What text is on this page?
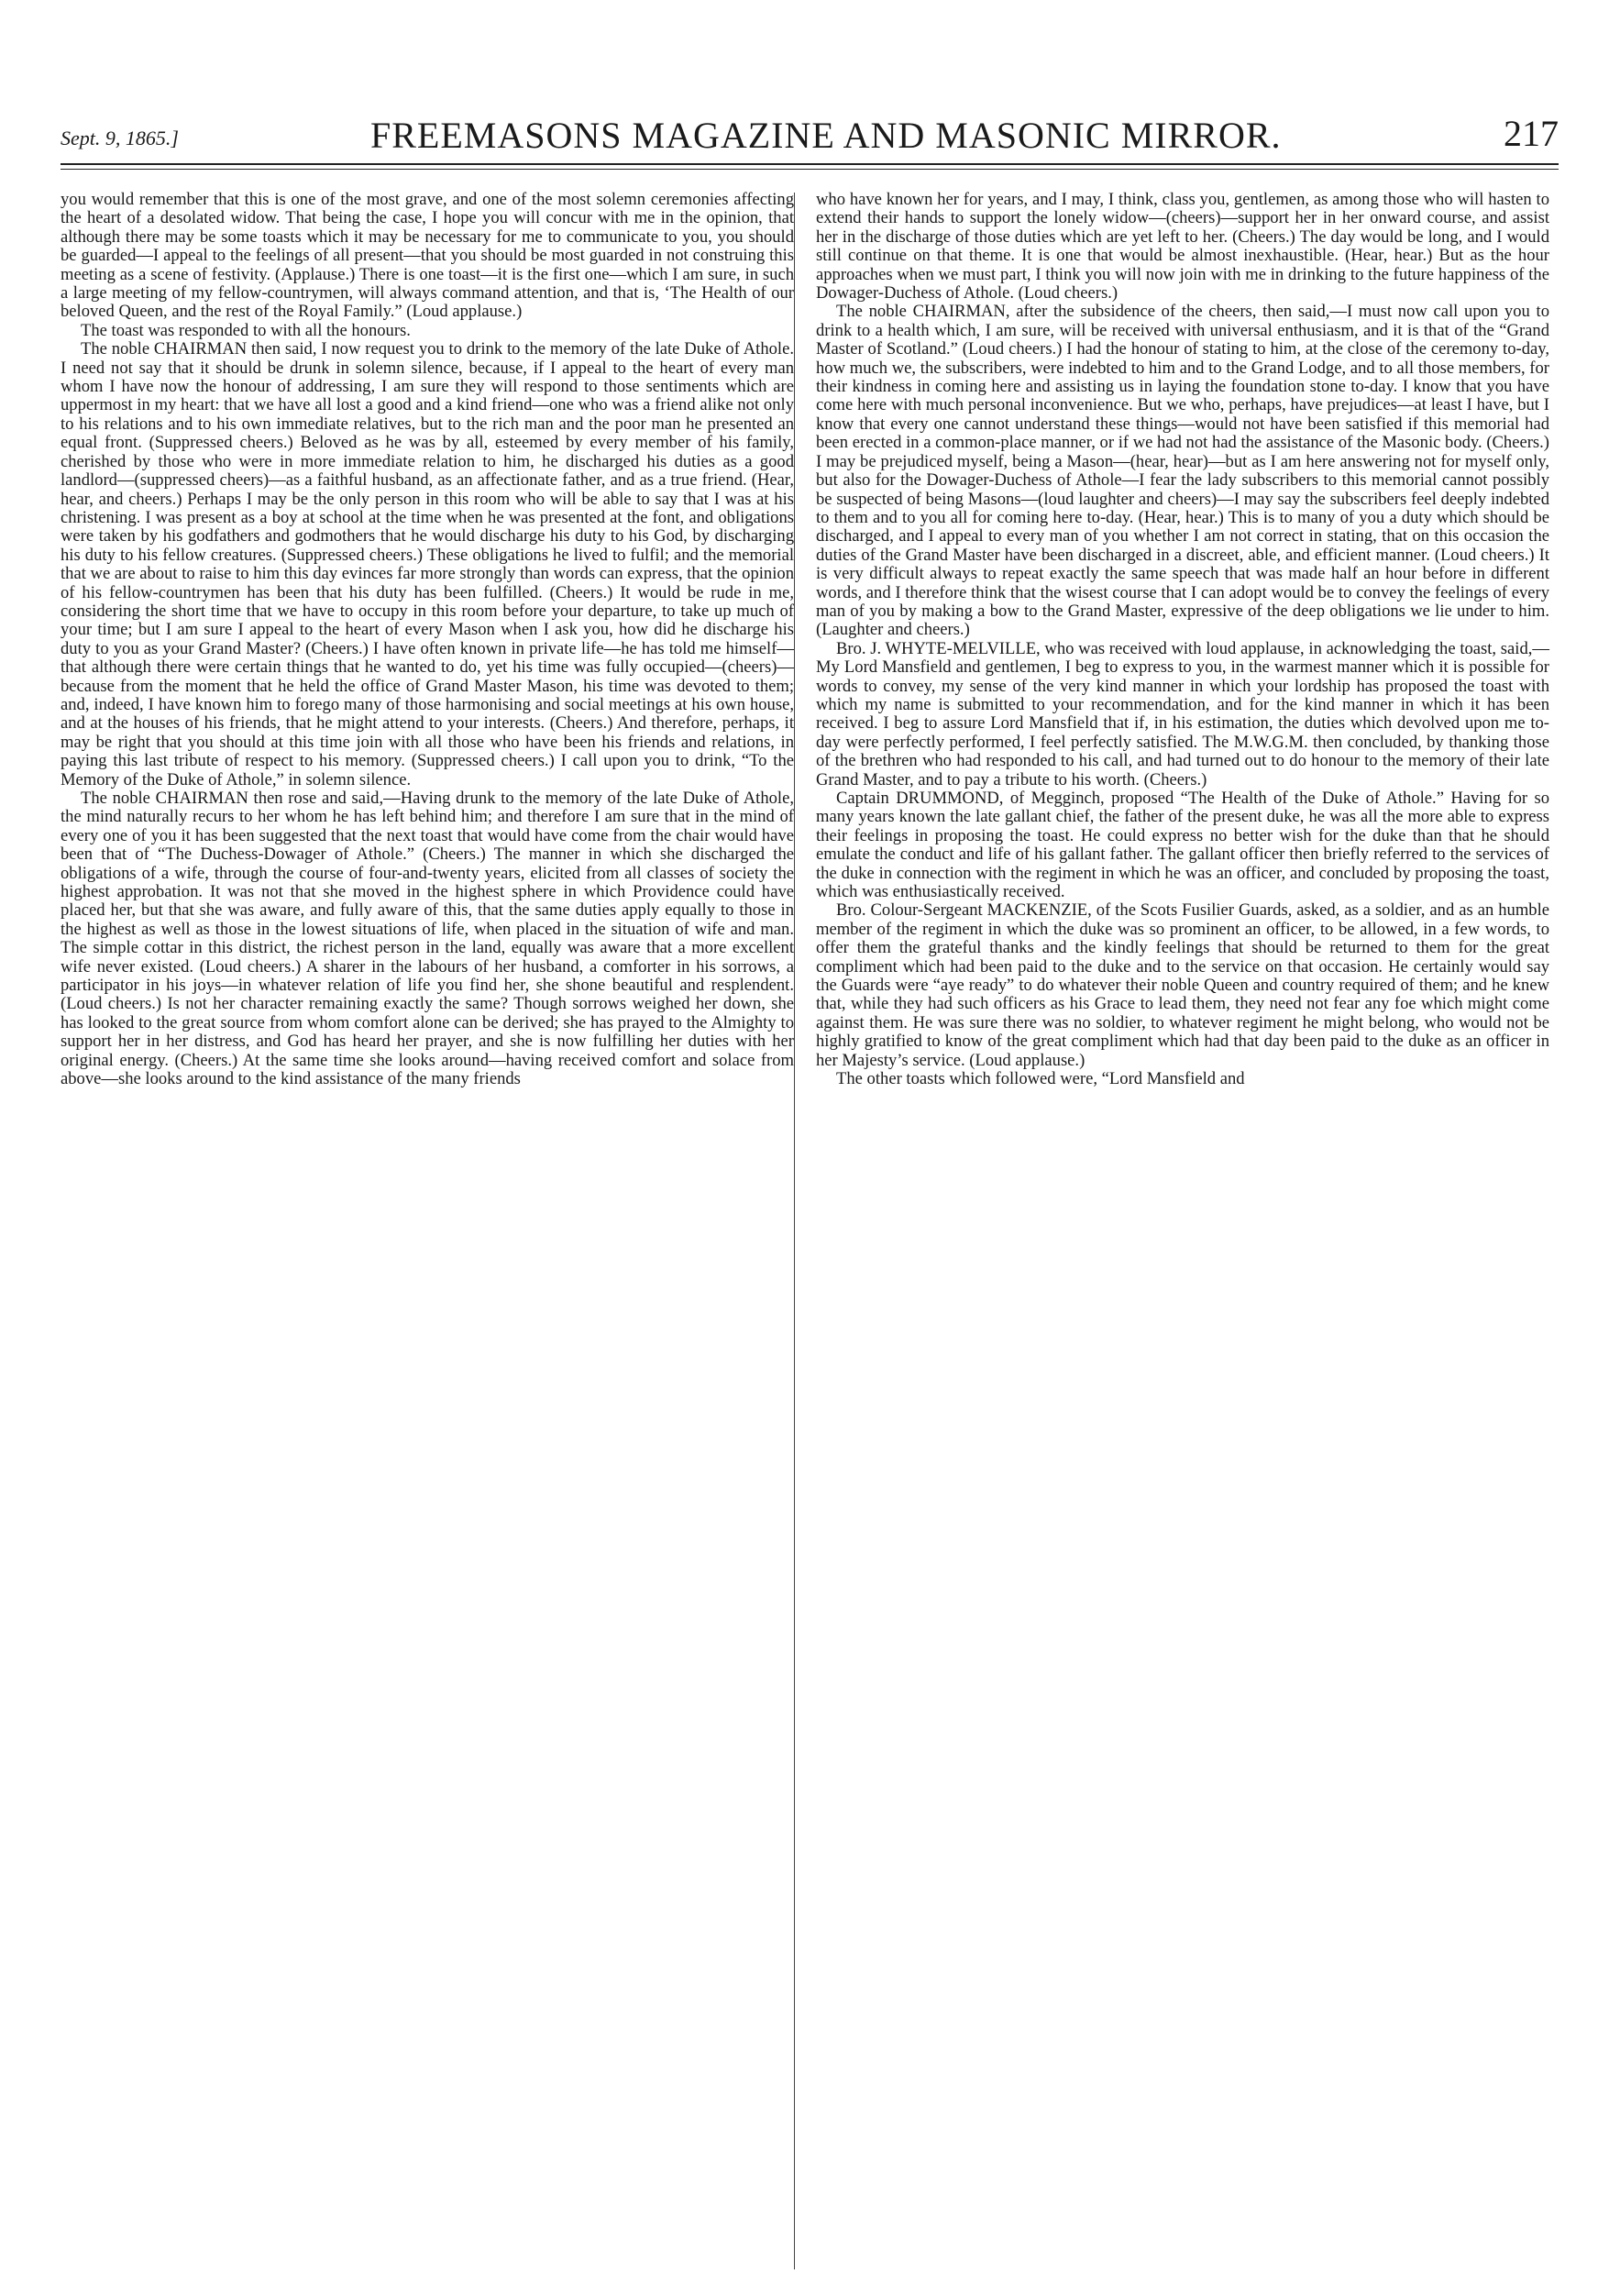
Sept. 9, 1865.]	FREEMASONS MAGAZINE AND MASONIC MIRROR.	217

you would remember that this is one of the most grave, and one of the most solemn ceremonies affecting the heart of a desolated widow. That being the case, I hope you will concur with me in the opinion, that although there may be some toasts which it may be necessary for me to communicate to you, you should be guarded—I appeal to the feelings of all present—that you should be most guarded in not construing this meeting as a scene of festivity. (Applause.) There is one toast—it is the first one—which I am sure, in such a large meeting of my fellow-countrymen, will always command attention, and that is, ‘The Health of our beloved Queen, and the rest of the Royal Family.” (Loud applause.)

The toast was responded to with all the honours.

The noble CHAIRMAN then said, I now request you to drink to the memory of the late Duke of Athole. I need not say that it should be drunk in solemn silence, because, if I appeal to the heart of every man whom I have now the honour of addressing, I am sure they will respond to those sentiments which are uppermost in my heart: that we have all lost a good and a kind friend—one who was a friend alike not only to his relations and to his own immediate relatives, but to the rich man and the poor man he presented an equal front. (Suppressed cheers.) Beloved as he was by all, esteemed by every member of his family, cherished by those who were in more immediate relation to him, he discharged his duties as a good landlord—(suppressed cheers)—as a faithful husband, as an affectionate father, and as a true friend. (Hear, hear, and cheers.) Perhaps I may be the only person in this room who will be able to say that I was at his christening. I was present as a boy at school at the time when he was presented at the font, and obligations were taken by his godfathers and godmothers that he would discharge his duty to his God, by discharging his duty to his fellow creatures. (Suppressed cheers.) These obligations he lived to fulfil; and the memorial that we are about to raise to him this day evinces far more strongly than words can express, that the opinion of his fellow-countrymen has been that his duty has been fulfilled. (Cheers.) It would be rude in me, considering the short time that we have to occupy in this room before your departure, to take up much of your time; but I am sure I appeal to the heart of every Mason when I ask you, how did he discharge his duty to you as your Grand Master? (Cheers.) I have often known in private life—he has told me himself—that although there were certain things that he wanted to do, yet his time was fully occupied—(cheers)—because from the moment that he held the office of Grand Master Mason, his time was devoted to them; and, indeed, I have known him to forego many of those harmonising and social meetings at his own house, and at the houses of his friends, that he might attend to your interests. (Cheers.) And therefore, perhaps, it may be right that you should at this time join with all those who have been his friends and relations, in paying this last tribute of respect to his memory. (Suppressed cheers.) I call upon you to drink, “To the Memory of the Duke of Athole,” in solemn silence.

The noble CHAIRMAN then rose and said,—Having drunk to the memory of the late Duke of Athole, the mind naturally recurs to her whom he has left behind him; and therefore I am sure that in the mind of every one of you it has been suggested that the next toast that would have come from the chair would have been that of “The Duchess-Dowager of Athole.” (Cheers.) The manner in which she discharged the obligations of a wife, through the course of four-and-twenty years, elicited from all classes of society the highest approbation. It was not that she moved in the highest sphere in which Providence could have placed her, but that she was aware, and fully aware of this, that the same duties apply equally to those in the highest as well as those in the lowest situations of life, when placed in the situation of wife and man. The simple cottar in this district, the richest person in the land, equally was aware that a more excellent wife never existed. (Loud cheers.) A sharer in the labours of her husband, a comforter in his sorrows, a participator in his joys—in whatever relation of life you find her, she shone beautiful and resplendent. (Loud cheers.) Is not her character remaining exactly the same? Though sorrows weighed her down, she has looked to the great source from whom comfort alone can be derived; she has prayed to the Almighty to support her in her distress, and God has heard her prayer, and she is now fulfilling her duties with her original energy. (Cheers.) At the same time she looks around—having received comfort and solace from above—she looks around to the kind assistance of the many friends

who have known her for years, and I may, I think, class you, gentlemen, as among those who will hasten to extend their hands to support the lonely widow—(cheers)—support her in her onward course, and assist her in the discharge of those duties which are yet left to her. (Cheers.) The day would be long, and I would still continue on that theme. It is one that would be almost inexhaustible. (Hear, hear.) But as the hour approaches when we must part, I think you will now join with me in drinking to the future happiness of the Dowager-Duchess of Athole. (Loud cheers.)

The noble CHAIRMAN, after the subsidence of the cheers, then said,—I must now call upon you to drink to a health which, I am sure, will be received with universal enthusiasm, and it is that of the “Grand Master of Scotland.” (Loud cheers.) I had the honour of stating to him, at the close of the ceremony to-day, how much we, the subscribers, were indebted to him and to the Grand Lodge, and to all those members, for their kindness in coming here and assisting us in laying the foundation stone to-day. I know that you have come here with much personal inconvenience. But we who, perhaps, have prejudices—at least I have, but I know that every one cannot understand these things—would not have been satisfied if this memorial had been erected in a common-place manner, or if we had not had the assistance of the Masonic body. (Cheers.) I may be prejudiced myself, being a Mason—(hear, hear)—but as I am here answering not for myself only, but also for the Dowager-Duchess of Athole—I fear the lady subscribers to this memorial cannot possibly be suspected of being Masons—(loud laughter and cheers)—I may say the subscribers feel deeply indebted to them and to you all for coming here to-day. (Hear, hear.) This is to many of you a duty which should be discharged, and I appeal to every man of you whether I am not correct in stating, that on this occasion the duties of the Grand Master have been discharged in a discreet, able, and efficient manner. (Loud cheers.) It is very difficult always to repeat exactly the same speech that was made half an hour before in different words, and I therefore think that the wisest course that I can adopt would be to convey the feelings of every man of you by making a bow to the Grand Master, expressive of the deep obligations we lie under to him. (Laughter and cheers.)

Bro. J. WHYTE-MELVILLE, who was received with loud applause, in acknowledging the toast, said,—My Lord Mansfield and gentlemen, I beg to express to you, in the warmest manner which it is possible for words to convey, my sense of the very kind manner in which your lordship has proposed the toast with which my name is submitted to your recommendation, and for the kind manner in which it has been received. I beg to assure Lord Mansfield that if, in his estimation, the duties which devolved upon me to-day were perfectly performed, I feel perfectly satisfied. The M.W.G.M. then concluded, by thanking those of the brethren who had responded to his call, and had turned out to do honour to the memory of their late Grand Master, and to pay a tribute to his worth. (Cheers.)

Captain DRUMMOND, of Megginch, proposed “The Health of the Duke of Athole.” Having for so many years known the late gallant chief, the father of the present duke, he was all the more able to express their feelings in proposing the toast. He could express no better wish for the duke than that he should emulate the conduct and life of his gallant father. The gallant officer then briefly referred to the services of the duke in connection with the regiment in which he was an officer, and concluded by proposing the toast, which was enthusiastically received.

Bro. Colour-Sergeant MACKENZIE, of the Scots Fusilier Guards, asked, as a soldier, and as an humble member of the regiment in which the duke was so prominent an officer, to be allowed, in a few words, to offer them the grateful thanks and the kindly feelings that should be returned to them for the great compliment which had been paid to the duke and to the service on that occasion. He certainly would say the Guards were “aye ready” to do whatever their noble Queen and country required of them; and he knew that, while they had such officers as his Grace to lead them, they need not fear any foe which might come against them. He was sure there was no soldier, to whatever regiment he might belong, who would not be highly gratified to know of the great compliment which had that day been paid to the duke as an officer in her Majesty’s service. (Loud applause.)

The other toasts which followed were, “Lord Mansfield and
